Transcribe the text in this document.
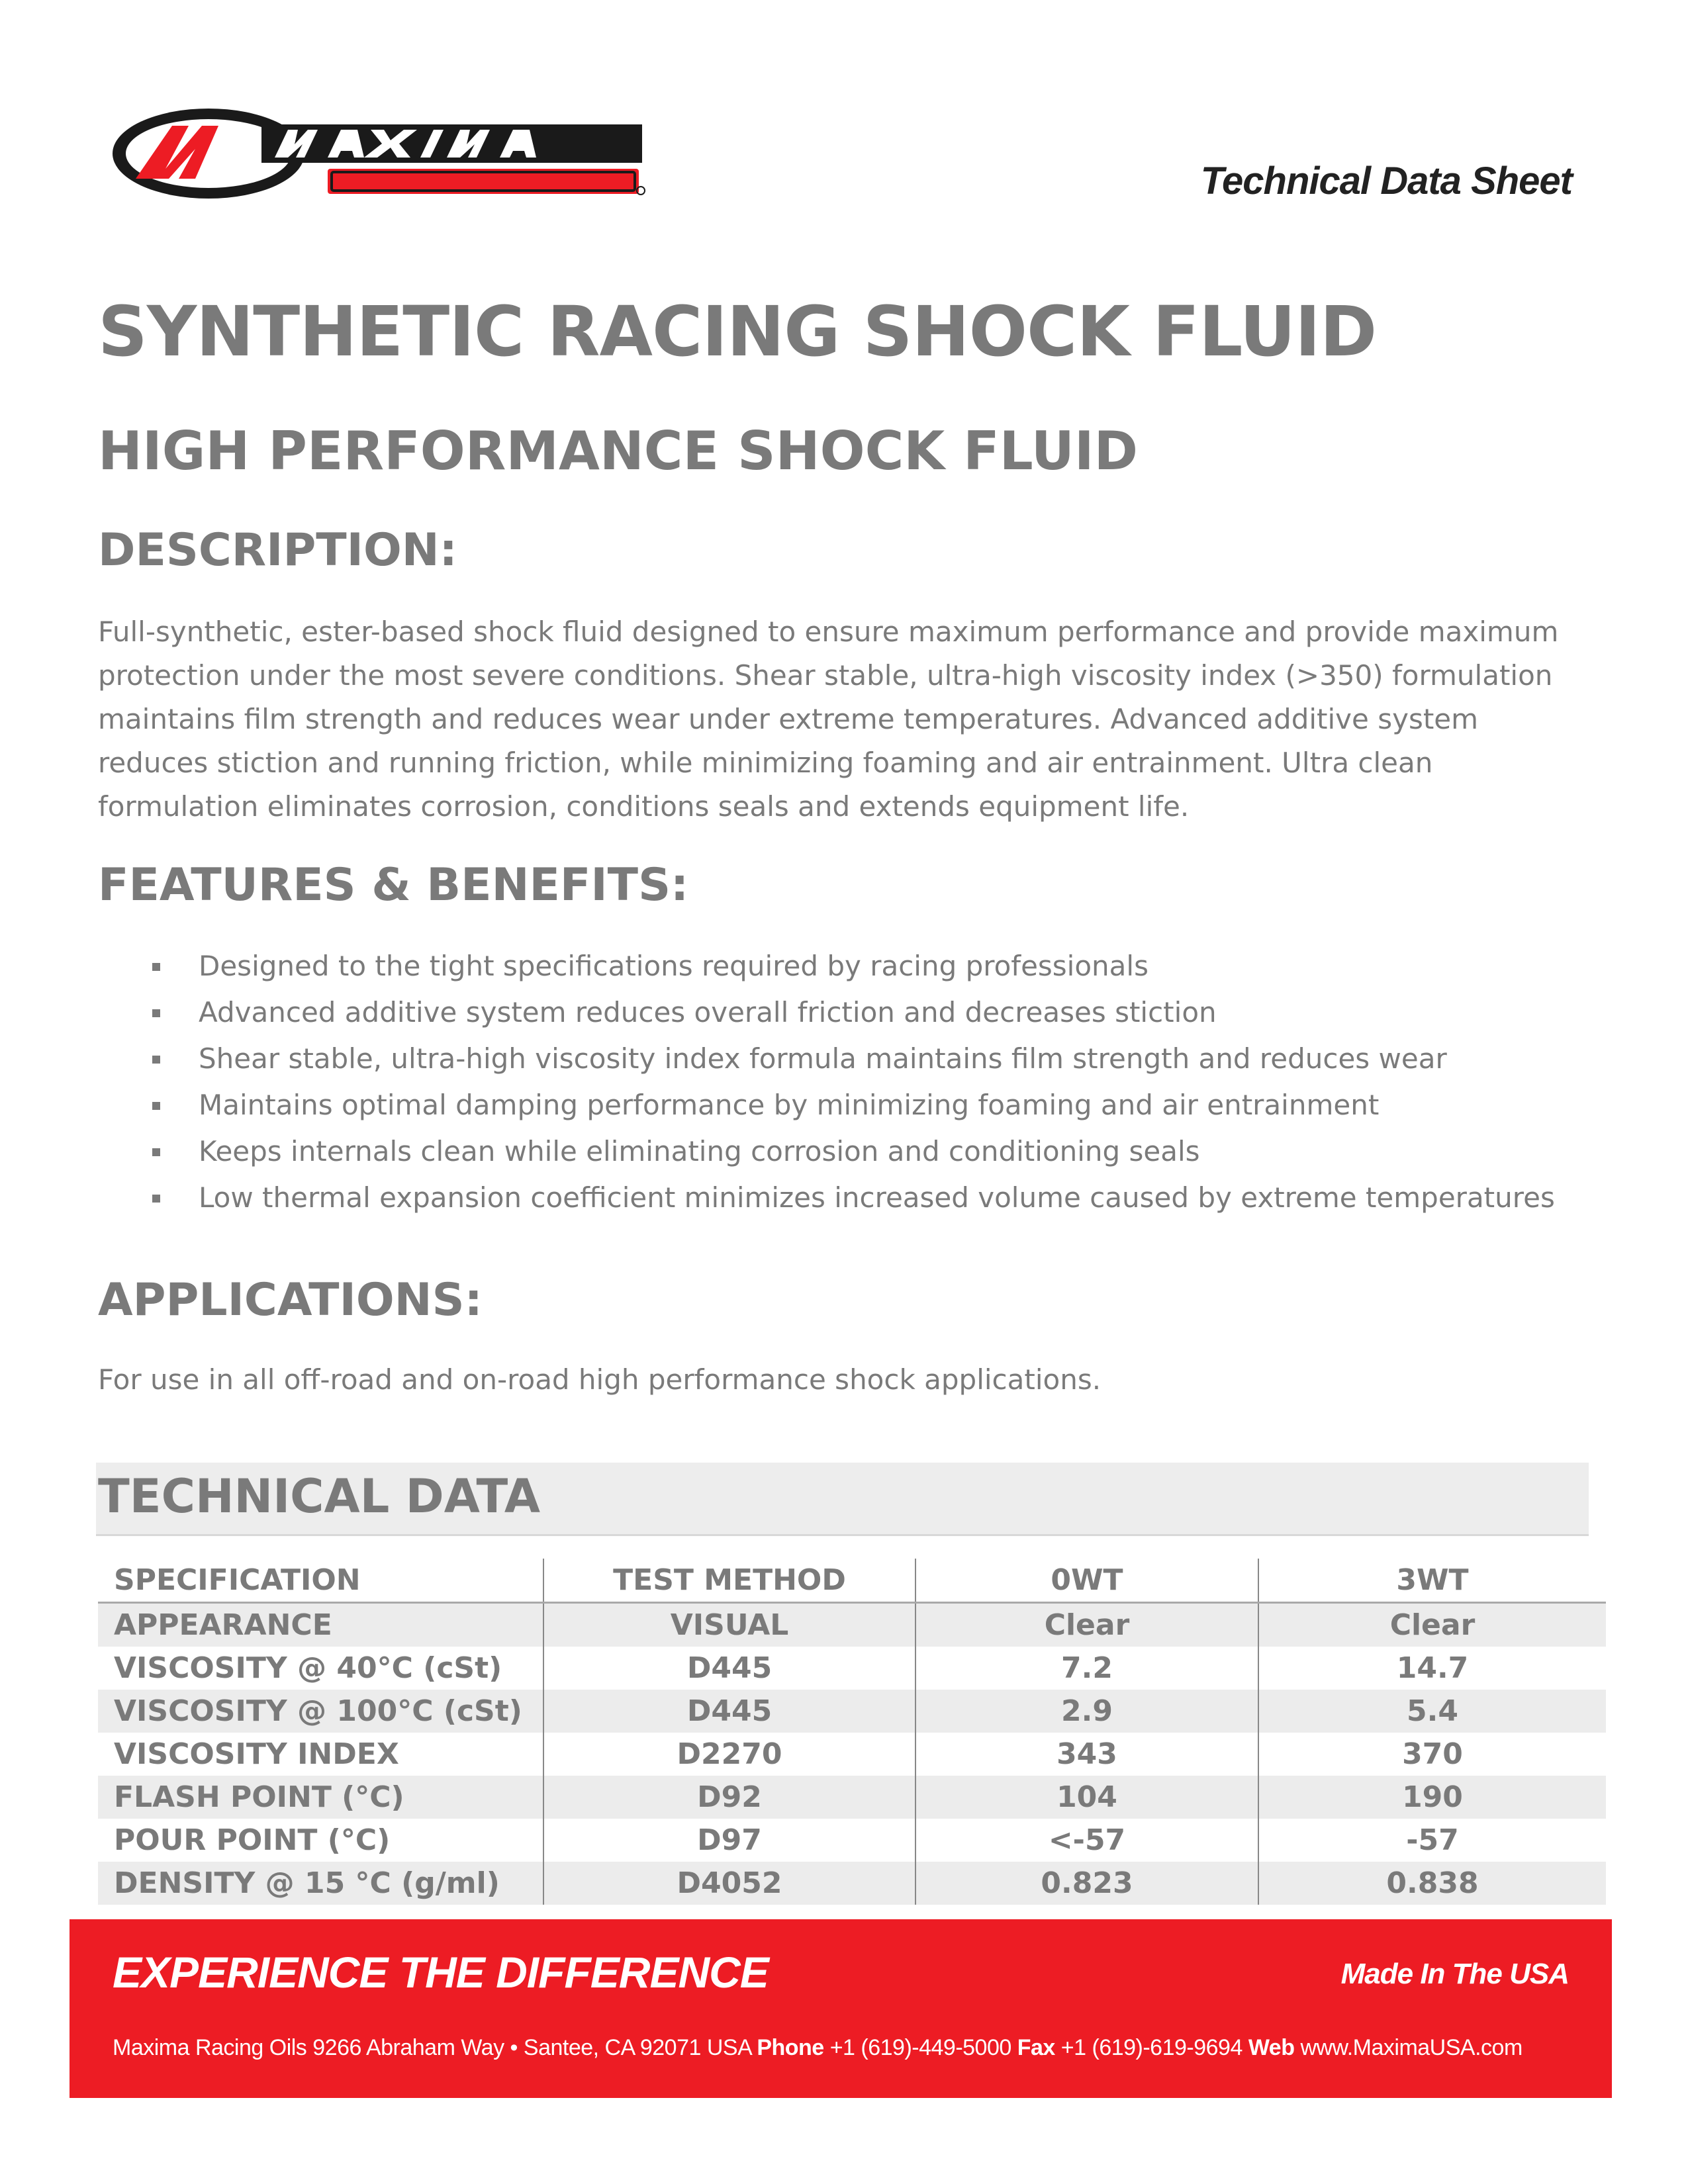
Technical Data Sheet
SYNTHETIC RACING SHOCK FLUID
HIGH PERFORMANCE SHOCK FLUID
DESCRIPTION:

Full-synthetic, ester-based shock fluid designed to ensure maximum performance and provide maximum protection under the most severe conditions. Shear stable, ultra-high viscosity index (>350) formulation maintains film strength and reduces wear under extreme temperatures. Advanced additive system reduces stiction and running friction, while minimizing foaming and air entrainment. Ultra clean formulation eliminates corrosion, conditions seals and extends equipment life.

FEATURES & BENEFITS:
Designed to the tight specifications required by racing professionals
Advanced additive system reduces overall friction and decreases stiction
Shear stable, ultra-high viscosity index formula maintains film strength and reduces wear
Maintains optimal damping performance by minimizing foaming and air entrainment
Keeps internals clean while eliminating corrosion and conditioning seals
Low thermal expansion coefficient minimizes increased volume caused by extreme temperatures
APPLICATIONS:

For use in all off-road and on-road high performance shock applications.

TECHNICAL DATA
SPECIFICATION	TEST METHOD	0WT	3WT
APPEARANCE	VISUAL	Clear	Clear
VISCOSITY @ 40°C (cSt)	D445	7.2	14.7
VISCOSITY @ 100°C (cSt)	D445	2.9	5.4
VISCOSITY INDEX	D2270	343	370
FLASH POINT (°C)	D92	104	190
POUR POINT (°C)	D97	<-57	-57
DENSITY @ 15 °C (g/ml)	D4052	0.823	0.838
EXPERIENCE THE DIFFERENCE	Made In The USA
Maxima Racing Oils 9266 Abraham Way • Santee, CA 92071 USA Phone +1 (619)-449-5000 Fax +1 (619)-619-9694 Web www.MaximaUSA.com
